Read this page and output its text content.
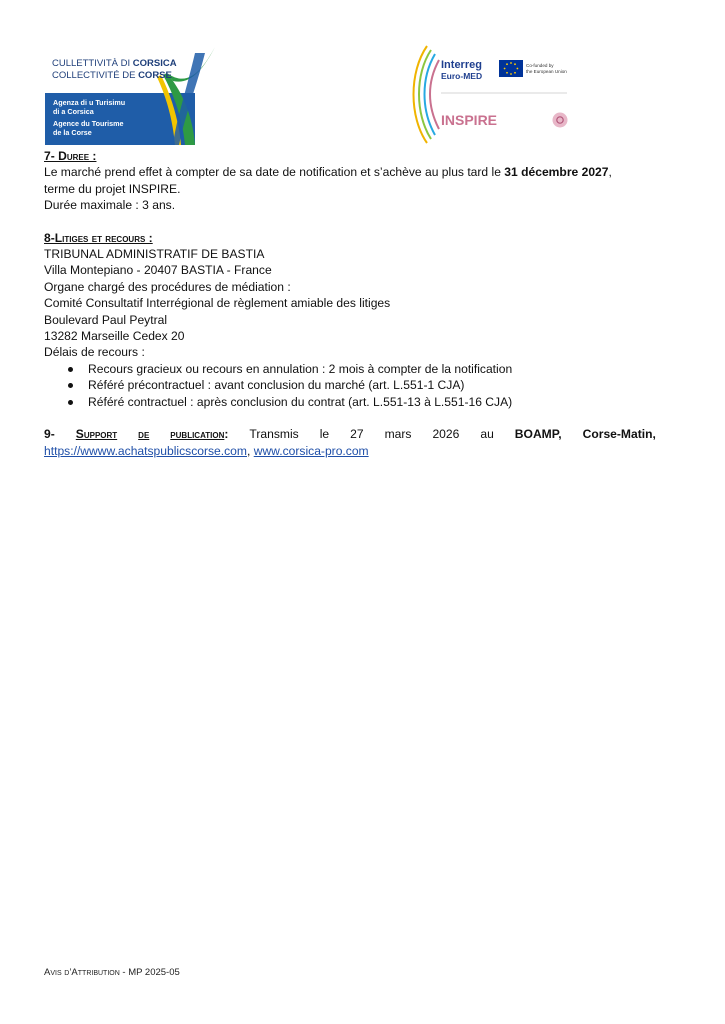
CULLETTIVITÀ DI CORSICA
COLLECTIVITÉ DE CORSE
Agenza di u Turisimu
di a Corsica
Agence du Tourisme
de la Corse
Interreg
Euro-MED
Co-funded by
the European Union
INSPIRE

7- Duree :

Le marché prend effet à compter de sa date de notification et s’achève au plus tard le 31 décembre 2027,

terme du projet INSPIRE.

Durée maximale : 3 ans.

8-Litiges et recours :

TRIBUNAL ADMINISTRATIF DE BASTIA

Villa Montepiano - 20407 BASTIA - France

Organe chargé des procédures de médiation :

Comité Consultatif Interrégional de règlement amiable des litiges

Boulevard Paul Peytral

13282 Marseille Cedex 20

Délais de recours :

Recours gracieux ou recours en annulation : 2 mois à compter de la notification
Référé précontractuel : avant conclusion du marché (art. L.551-1 CJA)
Référé contractuel : après conclusion du contrat (art. L.551-13 à L.551-16 CJA)
9- Support de publication: Transmis le 27 mars 2026 au BOAMP, Corse-Matin,

https://wwww.achatspublicscorse.com, www.corsica-pro.com

Avis d’Attribution - MP 2025-05
